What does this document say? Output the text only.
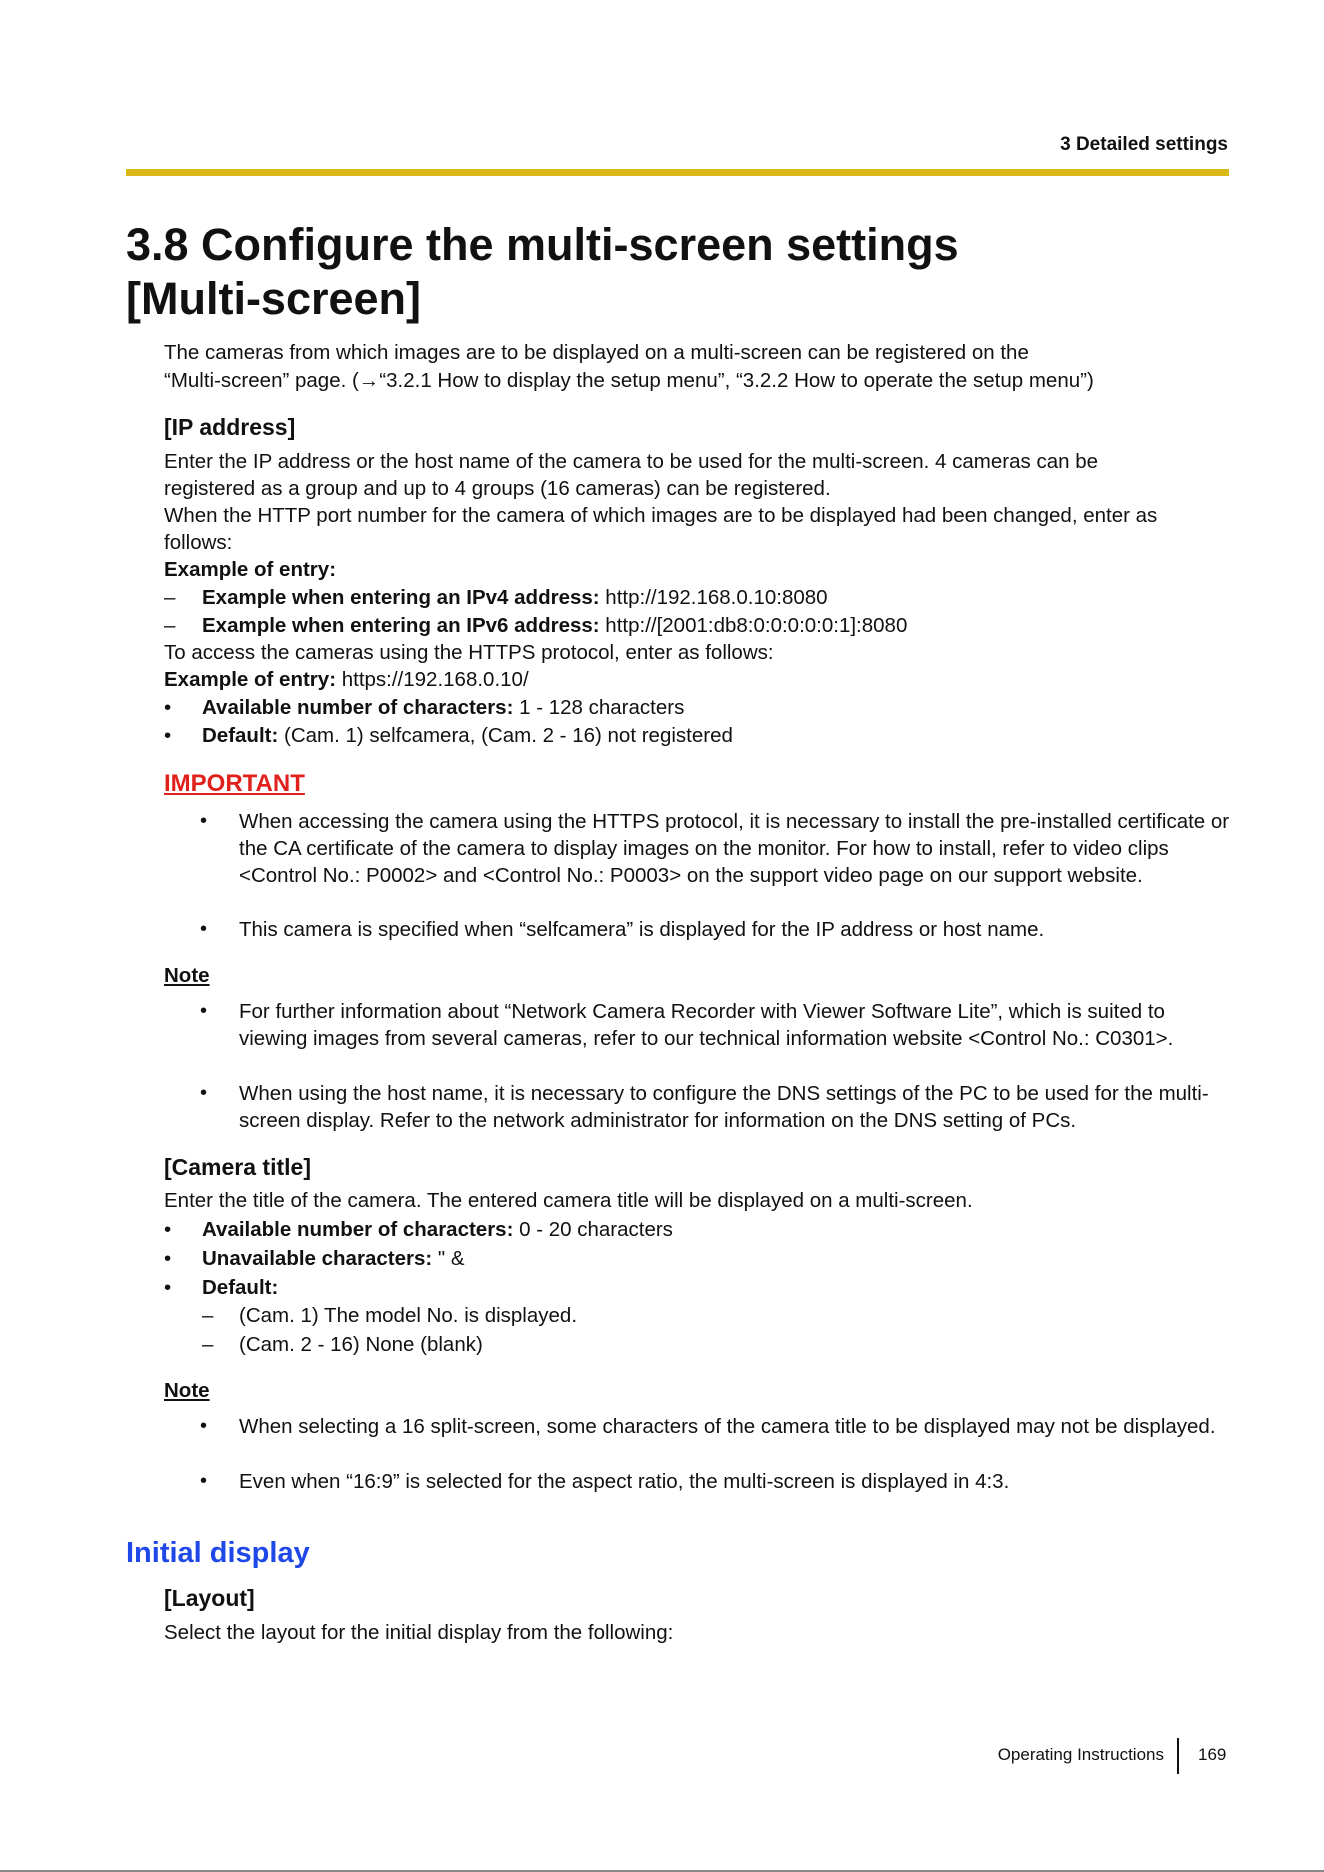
3 Detailed settings
3.8 Configure the multi-screen settings
[Multi-screen]
The cameras from which images are to be displayed on a multi-screen can be registered on the
“Multi-screen” page. (→“3.2.1 How to display the setup menu”, “3.2.2 How to operate the setup menu”)
[IP address]
Enter the IP address or the host name of the camera to be used for the multi-screen. 4 cameras can be
registered as a group and up to 4 groups (16 cameras) can be registered.
When the HTTP port number for the camera of which images are to be displayed had been changed, enter as
follows:
Example of entry:
– Example when entering an IPv4 address: http://192.168.0.10:8080
– Example when entering an IPv6 address: http://[2001:db8:0:0:0:0:0:1]:8080
To access the cameras using the HTTPS protocol, enter as follows:
Example of entry: https://192.168.0.10/
• Available number of characters: 1 - 128 characters
• Default: (Cam. 1) selfcamera, (Cam. 2 - 16) not registered
IMPORTANT
• When accessing the camera using the HTTPS protocol, it is necessary to install the pre-installed certificate or the CA certificate of the camera to display images on the monitor. For how to install, refer to video clips <Control No.: P0002> and <Control No.: P0003> on the support video page on our support website.
• This camera is specified when “selfcamera” is displayed for the IP address or host name.
Note
• For further information about “Network Camera Recorder with Viewer Software Lite”, which is suited to viewing images from several cameras, refer to our technical information website <Control No.: C0301>.
• When using the host name, it is necessary to configure the DNS settings of the PC to be used for the multi-screen display. Refer to the network administrator for information on the DNS setting of PCs.
[Camera title]
Enter the title of the camera. The entered camera title will be displayed on a multi-screen.
• Available number of characters: 0 - 20 characters
• Unavailable characters: " &
• Default:
– (Cam. 1) The model No. is displayed.
– (Cam. 2 - 16) None (blank)
Note
• When selecting a 16 split-screen, some characters of the camera title to be displayed may not be displayed.
• Even when “16:9” is selected for the aspect ratio, the multi-screen is displayed in 4:3.
Initial display
[Layout]
Select the layout for the initial display from the following:
Operating Instructions 169
